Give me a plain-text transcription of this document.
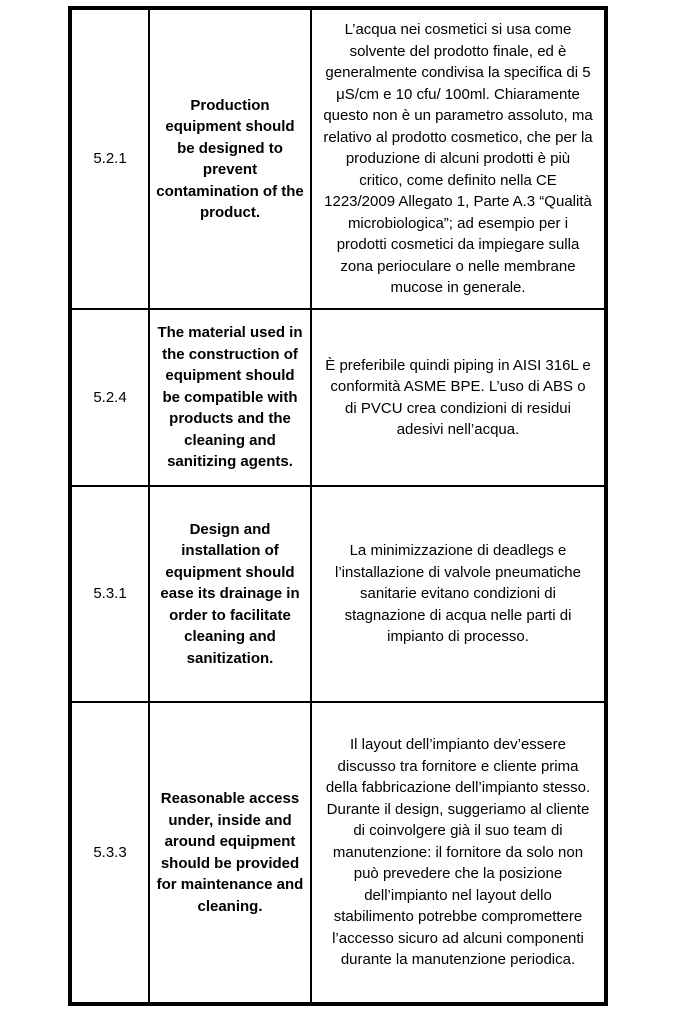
5.2.1
Production equipment should be designed to prevent contamination of the product.
L’acqua nei cosmetici si usa come solvente del prodotto finale, ed è generalmente condivisa la specifica di 5 μS/cm e 10 cfu/ 100ml. Chiaramente questo non è un parametro assoluto, ma relativo al prodotto cosmetico, che per la produzione di alcuni prodotti è più critico, come definito nella CE 1223/2009 Allegato 1, Parte A.3 “Qualità microbiologica”; ad esempio per i prodotti cosmetici da impiegare sulla zona perioculare o nelle membrane mucose in generale.
5.2.4
The material used in the construction of equipment should be compatible with products and the cleaning and sanitizing agents.
È preferibile quindi piping in AISI 316L e conformità ASME BPE. L’uso di ABS o di PVCU crea condizioni di residui adesivi nell’acqua.
5.3.1
Design and installation of equipment should ease its drainage in order to facilitate cleaning and sanitization.
La minimizzazione di deadlegs e l’installazione di valvole pneumatiche sanitarie evitano condizioni di stagnazione di acqua nelle parti di impianto di processo.
5.3.3
Reasonable access under, inside and around equipment should be provided for maintenance and cleaning.
Il layout dell’impianto dev’essere discusso tra fornitore e cliente prima della fabbricazione dell’impianto stesso. Durante il design, suggeriamo al cliente di coinvolgere già il suo team di manutenzione: il fornitore da solo non può prevedere che la posizione dell’impianto nel layout dello stabilimento potrebbe compromettere l’accesso sicuro ad alcuni componenti durante la manutenzione periodica.
